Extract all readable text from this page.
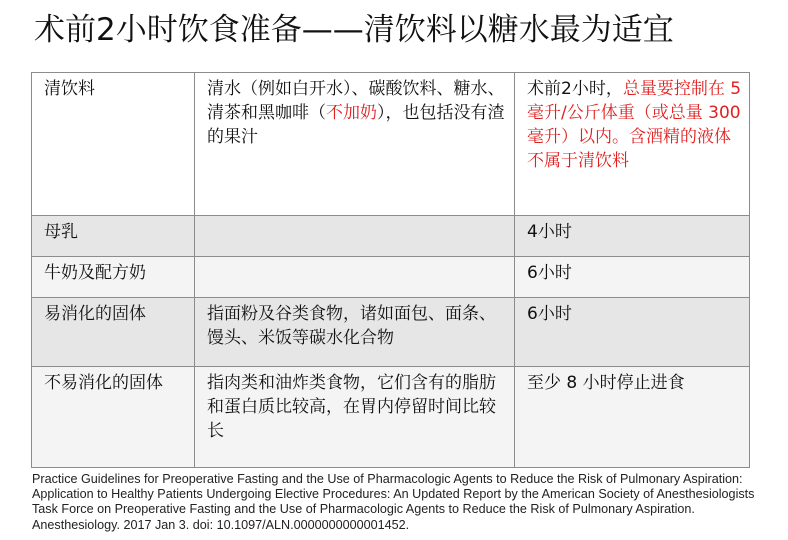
术前2小时饮食准备——清饮料以糖水最为适宜
清饮料	清水（例如白开水）、碳酸饮料、糖水、清茶和黑咖啡（不加奶），也包括没有渣的果汁	术前2小时，总量要控制在 5 毫升/公斤体重（或总量 300 毫升）以内。含酒精的液体不属于清饮料
母乳		4小时
牛奶及配方奶		6小时
易消化的固体	指面粉及谷类食物，诸如面包、面条、馒头、米饭等碳水化合物	6小时
不易消化的固体	指肉类和油炸类食物，它们含有的脂肪和蛋白质比较高，在胃内停留时间比较长	至少 8 小时停止进食
Practice Guidelines for Preoperative Fasting and the Use of Pharmacologic Agents to Reduce the Risk of Pulmonary Aspiration: Application to Healthy Patients Undergoing Elective Procedures: An Updated Report by the American Society of Anesthesiologists Task Force on Preoperative Fasting and the Use of Pharmacologic Agents to Reduce the Risk of Pulmonary Aspiration. Anesthesiology. 2017 Jan 3. doi: 10.1097/ALN.0000000000001452.
